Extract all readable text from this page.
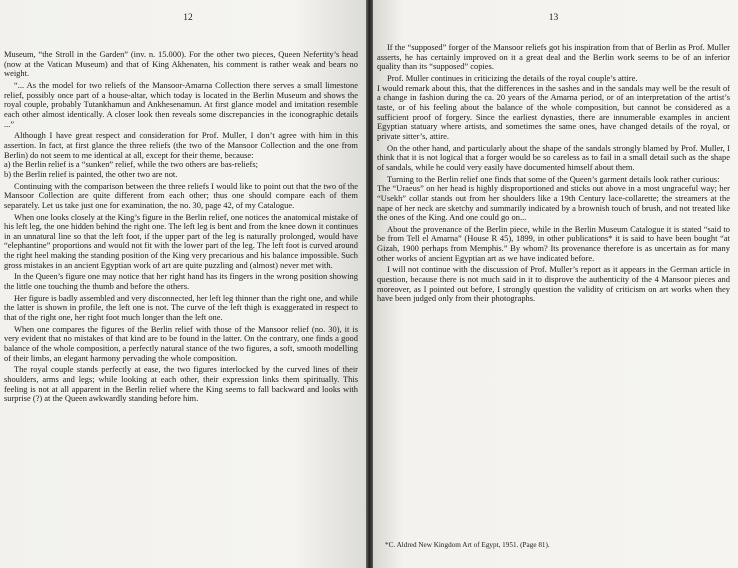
12

Museum, “the Stroll in the Garden” (inv. n. 15.000). For the other two pieces, Queen Nefertity’s head (now at the Vatican Museum) and that of King Akhenaten, his comment is rather weak and bears no weight.

“... As the model for two reliefs of the Mansoor-Amarna Collection there serves a small limestone relief, possibly once part of a house-altar, which today is located in the Berlin Museum and shows the royal couple, probably Tutankhamun and Ankhesenamun. At first glance model and imitation resemble each other almost identically. A closer look then reveals some discrepancies in the iconographic details ...”

Although I have great respect and consideration for Prof. Muller, I don’t agree with him in this assertion. In fact, at first glance the three reliefs (the two of the Mansoor Collection and the one from Berlin) do not seem to me identical at all, except for their theme, because:

a) the Berlin relief is a “sunken” relief, while the two others are bas-reliefs;

b) the Berlin relief is painted, the other two are not.

Continuing with the comparison between the three reliefs I would like to point out that the two of the Mansoor Collection are quite different from each other; thus one should compare each of them separately. Let us take just one for examination, the no. 30, page 42, of my Catalogue.

When one looks closely at the King’s figure in the Berlin relief, one notices the anatomical mistake of his left leg, the one hidden behind the right one. The left leg is bent and from the knee down it continues in an unnatural line so that the left foot, if the upper part of the leg is naturally prolonged, would have “elephantine” proportions and would not fit with the lower part of the leg. The left foot is curved around the right heel making the standing position of the King very precarious and his balance impossible. Such gross mistakes in an ancient Egyptian work of art are quite puzzling and (almost) never met with.

In the Queen’s figure one may notice that her right hand has its fingers in the wrong position showing the little one touching the thumb and before the others.

Her figure is badly assembled and very disconnected, her left leg thinner than the right one, and while the latter is shown in profile, the left one is not. The curve of the left thigh is exaggerated in respect to that of the right one, her right foot much longer than the left one.

When one compares the figures of the Berlin relief with those of the Mansoor relief (no. 30), it is very evident that no mistakes of that kind are to be found in the latter. On the contrary, one finds a good balance of the whole composition, a perfectly natural stance of the two figures, a soft, smooth modelling of their limbs, an elegant harmony pervading the whole composition.

The royal couple stands perfectly at ease, the two figures interlocked by the curved lines of their shoulders, arms and legs; while looking at each other, their expression links them spiritually. This feeling is not at all apparent in the Berlin relief where the King seems to fall backward and looks with surprise (?) at the Queen awkwardly standing before him.

13

If the “supposed” forger of the Mansoor reliefs got his inspiration from that of Berlin as Prof. Muller asserts, he has certainly improved on it a great deal and the Berlin work seems to be of an inferior quality than its “supposed” copies.

Prof. Muller continues in criticizing the details of the royal couple’s attire.

I would remark about this, that the differences in the sashes and in the sandals may well be the result of a change in fashion during the ca. 20 years of the Amarna period, or of an interpretation of the artist’s taste, or of his feeling about the balance of the whole composition, but cannot be considered as a sufficient proof of forgery. Since the earliest dynasties, there are innumerable examples in ancient Egyptian statuary where artists, and sometimes the same ones, have changed details of the royal, or private sitter’s, attire.

On the other hand, and particularly about the shape of the sandals strongly blamed by Prof. Muller, I think that it is not logical that a forger would be so careless as to fail in a small detail such as the shape of sandals, while he could very easily have documented himself about them.

Turning to the Berlin relief one finds that some of the Queen’s garment details look rather curious:

The “Uraeus” on her head is highly disproportioned and sticks out above in a most ungraceful way; her “Usekh” collar stands out from her shoulders like a 19th Century lace-collarette; the streamers at the nape of her neck are sketchy and summarily indicated by a brownish touch of brush, and not treated like the ones of the King. And one could go on...

About the provenance of the Berlin piece, while in the Berlin Museum Catalogue it is stated “said to be from Tell el Amarna” (House R 45), 1899, in other publications* it is said to have been bought “at Gizah, 1900 perhaps from Memphis.” By whom? Its provenance therefore is as uncertain as for many other works of ancient Egyptian art as we have indicated before.

I will not continue with the discussion of Prof. Muller’s report as it appears in the German article in question, because there is not much said in it to disprove the authenticity of the 4 Mansoor pieces and moreover, as I pointed out before, I strongly question the validity of criticism on art works when they have been judged only from their photographs.

*C. Aldred New Kingdom Art of Egypt, 1951. (Page 81).
